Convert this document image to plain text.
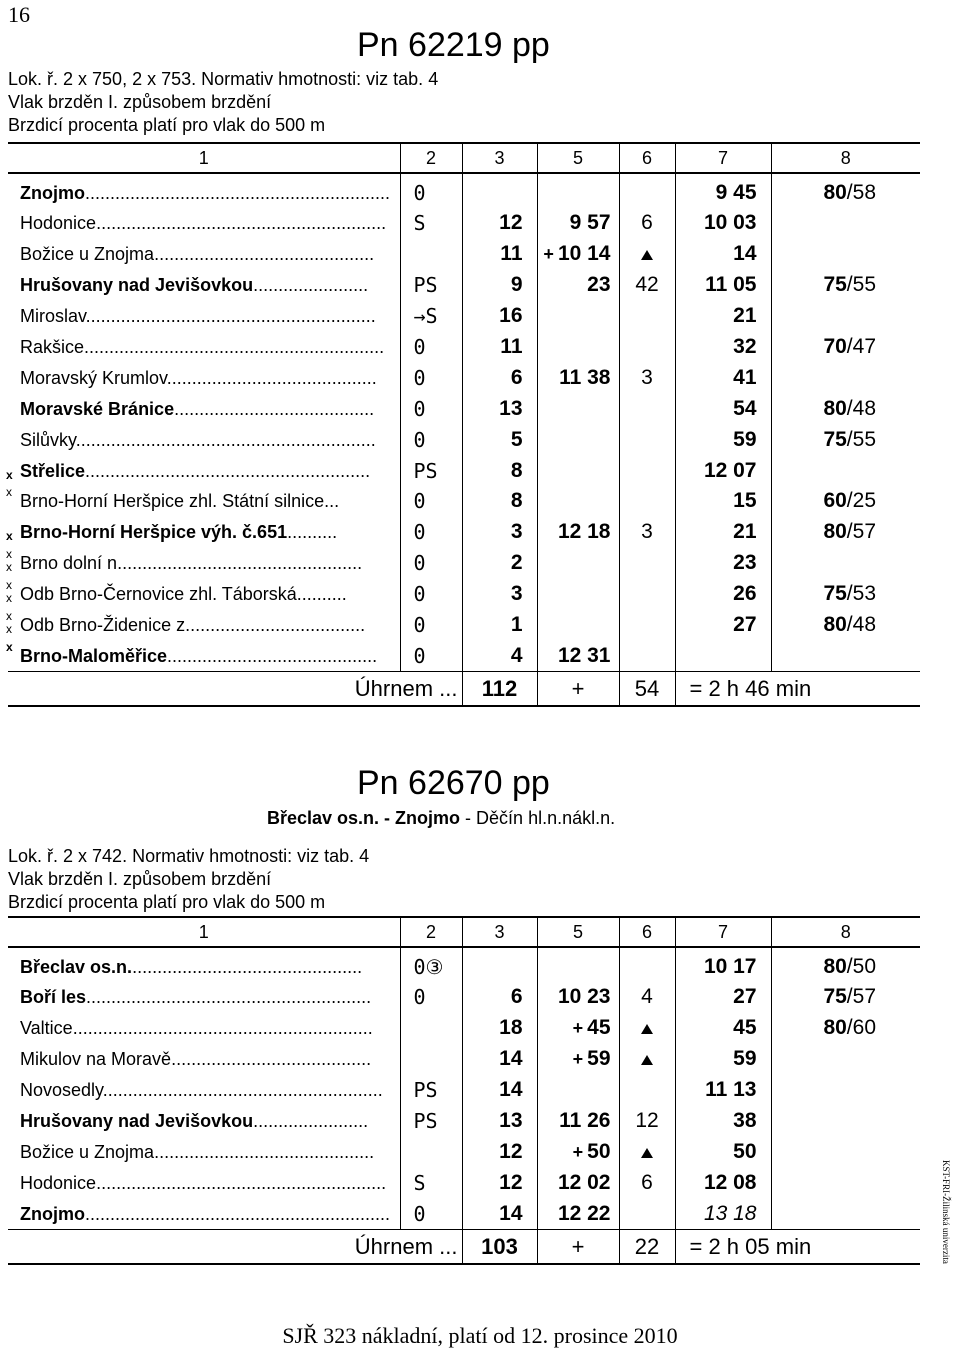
16
Pn 62219 pp
Lok. ř. 2 x 750, 2 x 753. Normativ hmotnosti: viz tab. 4
Vlak brzděn I. způsobem brzdění
Brzdicí procenta platí pro vlak do 500 m
1	2	3	5	6	7	8
Znojmo.............................................................	0				9 45	80/58
Hodonice..........................................................	S	12	9 57	6	10 03	
Božice u Znojma............................................		11	+ 10 14		14	
Hrušovany nad Jevišovkou.......................	PS	9	23	42	11 05	75/55
Miroslav..........................................................	→S	16			21	
Rakšice............................................................	0	11			32	70/47
Moravský Krumlov..........................................	0	6	11 38	3	41	
Moravské Bránice........................................	0	13			54	80/48
Silůvky............................................................	0	5			59	75/55

x Střelice.........................................................	PS	8			12 07	

x Brno-Horní Heršpice zhl. Státní silnice...	0	8			15	60/25

x Brno-Horní Heršpice výh. č.651..........	0	3	12 18	3	21	80/57

x
x Brno dolní n.................................................	0	2			23	

x
x Odb Brno-Černovice zhl. Táborská..........	0	3			26	75/53

x
x Odb Brno-Židenice z....................................	0	1			27	80/48

x Brno-Maloměřice..........................................	0	4	12 31			
Úhrnem ...		112	+	54	= 2 h 46 min	
Pn 62670 pp
Břeclav os.n. - Znojmo - Děčín hl.n.nákl.n.
Lok. ř. 2 x 742. Normativ hmotnosti: viz tab. 4
Vlak brzděn I. způsobem brzdění
Brzdicí procenta platí pro vlak do 500 m
1	2	3	5	6	7	8
Břeclav os.n...............................................	0③				10 17	80/50
Boří les.........................................................	0	6	10 23	4	27	75/57
Valtice............................................................		18	+ 45		45	80/60
Mikulov na Moravě........................................		14	+ 59		59	
Novosedly........................................................	PS	14			11 13	
Hrušovany nad Jevišovkou.......................	PS	13	11 26	12	38	
Božice u Znojma............................................		12	+ 50		50	
Hodonice..........................................................	S	12	12 02	6	12 08	
Znojmo.............................................................	0	14	12 22		13 18	
Úhrnem ...		103	+	22	= 2 h 05 min	
SJŘ 323 nákladní, platí od 12. prosince 2010
KST-FRI-Žilinská univerzita
